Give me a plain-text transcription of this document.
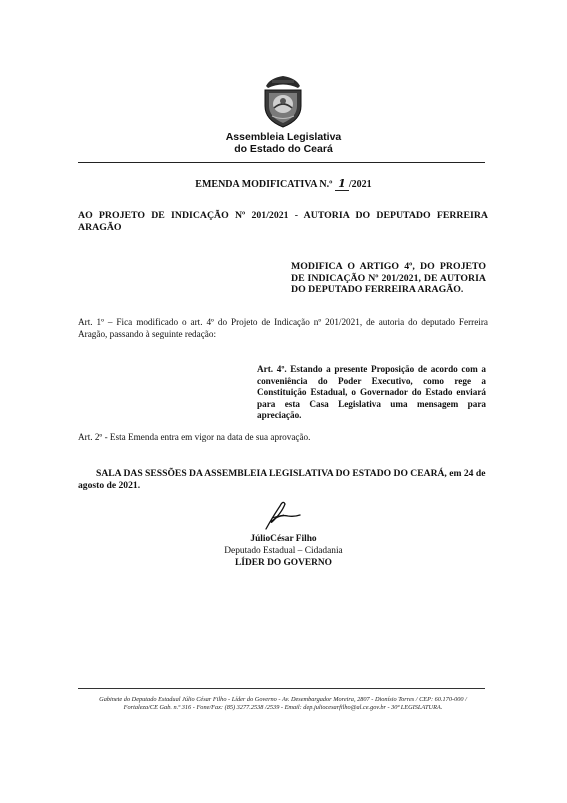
Assembleia Legislativa
do Estado do Ceará
EMENDA MODIFICATIVA N.º 1 /2021
AO PROJETO DE INDICAÇÃO Nº 201/2021 - AUTORIA DO DEPUTADO FERREIRA ARAGÃO
MODIFICA O ARTIGO 4º, DO PROJETO DE INDICAÇÃO Nº 201/2021, DE AUTORIA DO DEPUTADO FERREIRA ARAGÃO.
Art. 1º – Fica modificado o art. 4º do Projeto de Indicação nº 201/2021, de autoria do deputado Ferreira Aragão, passando à seguinte redação:
Art. 4º. Estando a presente Proposição de acordo com a conveniência do Poder Executivo, como rege a Constituição Estadual, o Governador do Estado enviará para esta Casa Legislativa uma mensagem para apreciação.
Art. 2º - Esta Emenda entra em vigor na data de sua aprovação.
SALA DAS SESSÕES DA ASSEMBLEIA LEGISLATIVA DO ESTADO DO CEARÁ, em 24 de agosto de 2021.
JúlioCésar Filho
Deputado Estadual – Cidadania
LÍDER DO GOVERNO
Gabinete do Deputado Estadual Júlio César Filho - Líder do Governo - Av. Desembargador Moreira, 2807 - Dionísio Torres / CEP: 60.170-000 /
Fortaleza/CE Gab. n.º 316 - Fone/Fax: (85) 3277.2538 /2539 - Email: dep.juliocesarfilho@al.ce.gov.br - 30ª LEGISLATURA.
